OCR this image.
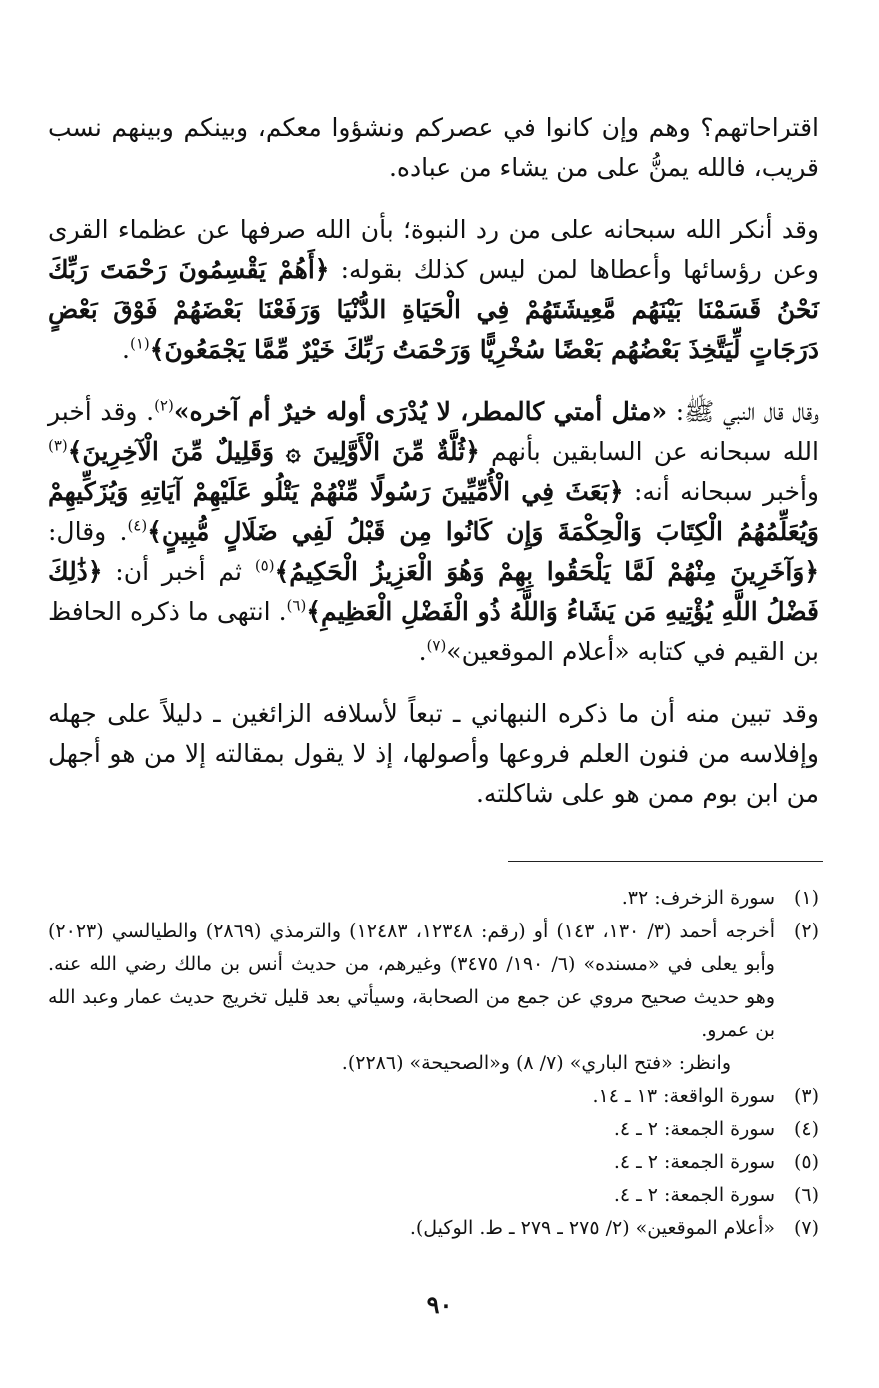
اقتراحاتهم؟ وهم وإن كانوا في عصركم ونشؤوا معكم، وبينكم وبينهم نسب قريب، فالله يمنُّ على من يشاء من عباده.

وقد أنكر الله سبحانه على من رد النبوة؛ بأن الله صرفها عن عظماء القرى وعن رؤسائها وأعطاها لمن ليس كذلك بقوله: ﴿أَهُمْ يَقْسِمُونَ رَحْمَتَ رَبِّكَ نَحْنُ قَسَمْنَا بَيْنَهُم مَّعِيشَتَهُمْ فِي الْحَيَاةِ الدُّنْيَا وَرَفَعْنَا بَعْضَهُمْ فَوْقَ بَعْضٍ دَرَجَاتٍ لِّيَتَّخِذَ بَعْضُهُم بَعْضًا سُخْرِيًّا وَرَحْمَتُ رَبِّكَ خَيْرٌ مِّمَّا يَجْمَعُونَ﴾$^{(١)}$.

وقال قال النبي ﷺ: «مثل أمتي كالمطر، لا يُدْرَى أوله خيرٌ أم آخره»$^{(٢)}$. وقد أخبر الله سبحانه عن السابقين بأنهم ﴿ثُلَّةٌ مِّنَ الْأَوَّلِينَ ۞ وَقَلِيلٌ مِّنَ الْآخِرِينَ﴾$^{(٣)}$ وأخبر سبحانه أنه: ﴿بَعَثَ فِي الْأُمِّيِّينَ رَسُولًا مِّنْهُمْ يَتْلُو عَلَيْهِمْ آيَاتِهِ وَيُزَكِّيهِمْ وَيُعَلِّمُهُمُ الْكِتَابَ وَالْحِكْمَةَ وَإِن كَانُوا مِن قَبْلُ لَفِي ضَلَالٍ مُّبِينٍ﴾$^{(٤)}$. وقال: ﴿وَآخَرِينَ مِنْهُمْ لَمَّا يَلْحَقُوا بِهِمْ وَهُوَ الْعَزِيزُ الْحَكِيمُ﴾$^{(٥)}$ ثم أخبر أن: ﴿ذَٰلِكَ فَضْلُ اللَّهِ يُؤْتِيهِ مَن يَشَاءُ وَاللَّهُ ذُو الْفَضْلِ الْعَظِيمِ﴾$^{(٦)}$. انتهى ما ذكره الحافظ بن القيم في كتابه «أعلام الموقعين»$^{(٧)}$.

وقد تبين منه أن ما ذكره النبهاني ـ تبعاً لأسلافه الزائغين ـ دليلاً على جهله وإفلاسه من فنون العلم فروعها وأصولها، إذ لا يقول بمقالته إلا من هو أجهل من ابن بوم ممن هو على شاكلته.

(١)
سورة الزخرف: ٣٢.
(٢)
أخرجه أحمد (٣/ ١٣٠، ١٤٣) أو (رقم: ١٢٣٤٨، ١٢٤٨٣) والترمذي (٢٨٦٩) والطيالسي (٢٠٢٣) وأبو يعلى في «مسنده» (٦/ ١٩٠/ ٣٤٧٥) وغيرهم، من حديث أنس بن مالك رضي الله عنه. وهو حديث صحيح مروي عن جمع من الصحابة، وسيأتي بعد قليل تخريج حديث عمار وعبد الله بن عمرو.
وانظر: «فتح الباري» (٧/ ٨) و«الصحيحة» (٢٢٨٦).
(٣)
سورة الواقعة: ١٣ ـ ١٤.
(٤)
سورة الجمعة: ٢ ـ ٤.
(٥)
سورة الجمعة: ٢ ـ ٤.
(٦)
سورة الجمعة: ٢ ـ ٤.
(٧)
«أعلام الموقعين» (٢/ ٢٧٥ ـ ٢٧٩ ـ ط. الوكيل).
٩٠
